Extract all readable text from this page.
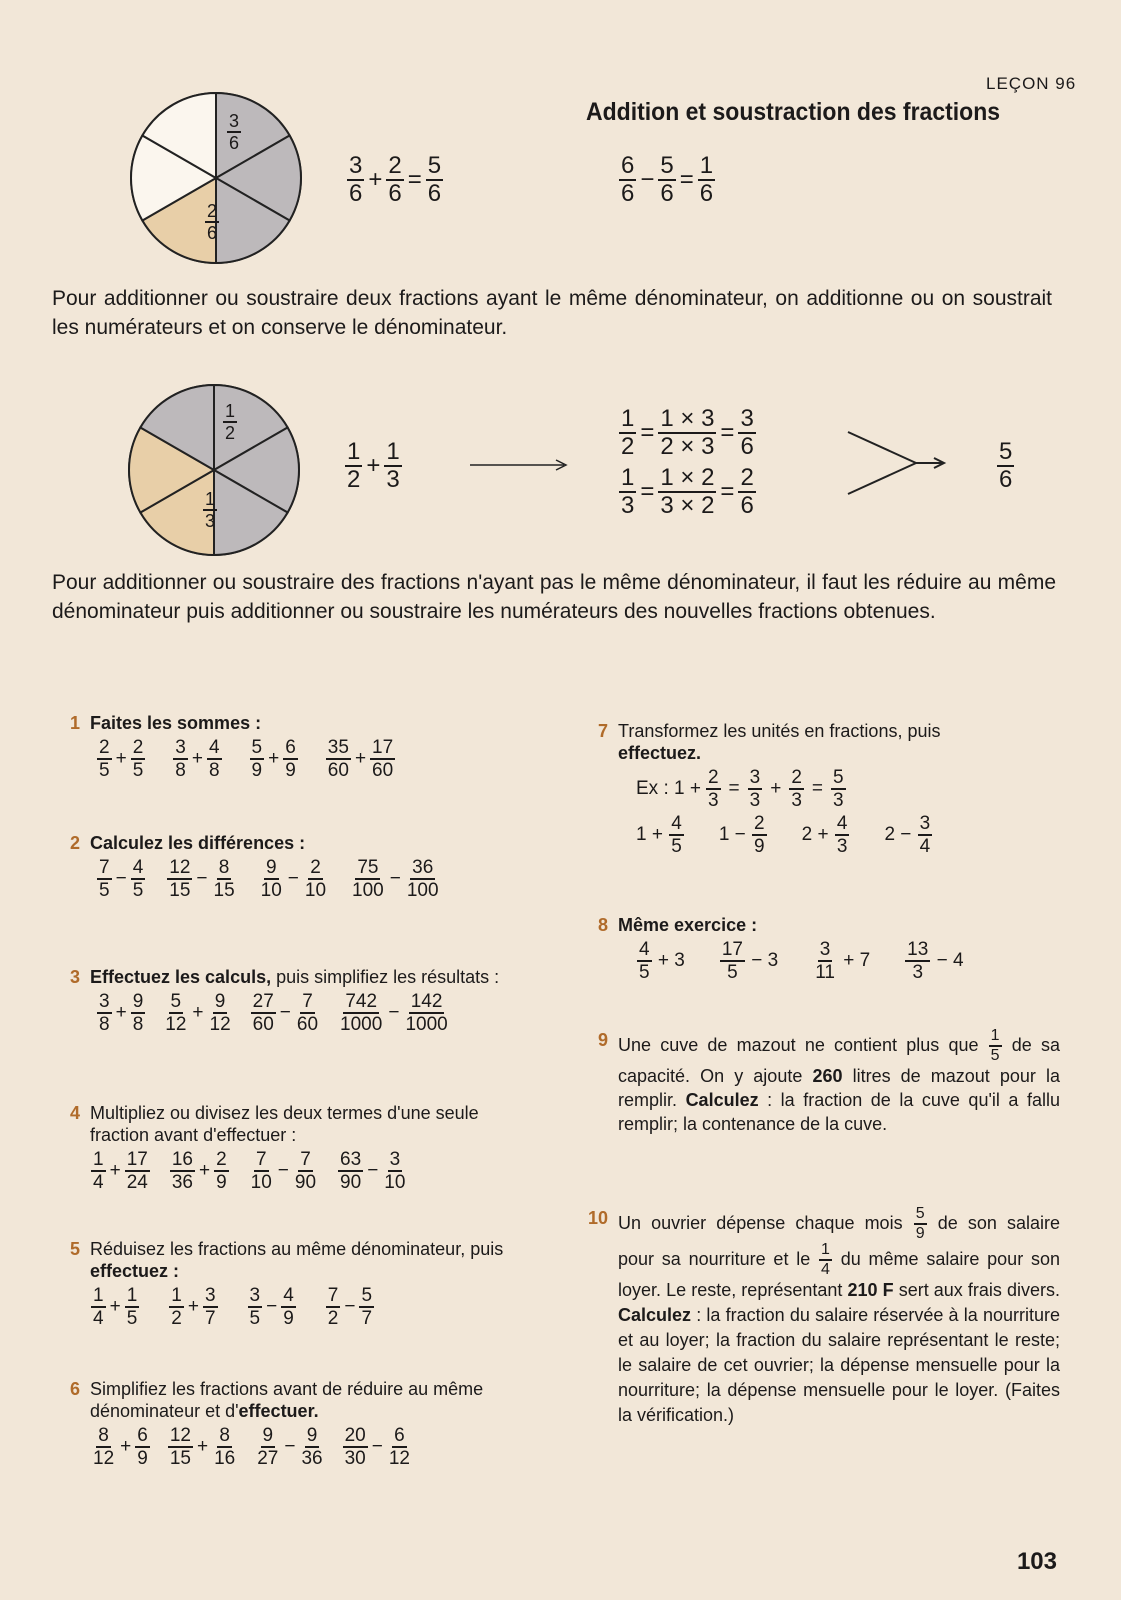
LEÇON 96
Addition et soustraction des fractions
3
6
2
6
$\frac{3}{6} + \frac{2}{6} = \frac{5}{6}$	$\frac{6}{6} - \frac{5}{6} = \frac{1}{6}$
Pour additionner ou soustraire deux fractions ayant le même dénominateur, on additionne ou on soustrait les numérateurs et on conserve le dénominateur.
1
2
1
3
$\frac{1}{2} + \frac{1}{3}$
$\frac{1}{2} = \frac{1 \times 3}{2 \times 3} = \frac{3}{6}$
$\frac{1}{3} = \frac{1 \times 2}{3 \times 2} = \frac{2}{6}$
5
6
Pour additionner ou soustraire des fractions n'ayant pas le même dénominateur, il faut les réduire au même dénominateur puis additionner ou soustraire les numérateurs des nouvelles fractions obtenues.
1 Faites les sommes :
$\frac{2}{5} + \frac{2}{5} \frac{3}{8} + \frac{4}{8} \frac{5}{9} + \frac{6}{9} \frac{35}{60} + \frac{17}{60}$
2 Calculez les différences :
$\frac{7}{5} - \frac{4}{5} \frac{12}{15} - \frac{8}{15} \frac{9}{10} - \frac{2}{10} \frac{75}{100} - \frac{36}{100}$
3 Effectuez les calculs, puis simplifiez les résultats :
$\frac{3}{8} + \frac{9}{8} \frac{5}{12} + \frac{9}{12} \frac{27}{60} - \frac{7}{60} \frac{742}{1000} - \frac{142}{1000}$
4 Multipliez ou divisez les deux termes d'une seule fraction avant d'effectuer :
$\frac{1}{4} + \frac{17}{24} \frac{16}{36} + \frac{2}{9} \frac{7}{10} - \frac{7}{90} \frac{63}{90} - \frac{3}{10}$
5 Réduisez les fractions au même dénominateur, puis effectuez :
$\frac{1}{4} + \frac{1}{5} \frac{1}{2} + \frac{3}{7} \frac{3}{5} - \frac{4}{9} \frac{7}{2} - \frac{5}{7}$
6 Simplifiez les fractions avant de réduire au même dénominateur et d'effectuer.
$\frac{8}{12} + \frac{6}{9} \frac{12}{15} + \frac{8}{16} \frac{9}{27} - \frac{9}{36} \frac{20}{30} - \frac{6}{12}$
7 Transformez les unités en fractions, puis
effectuez.
Ex : $1 + \frac{2}{3} = \frac{3}{3} + \frac{2}{3} = \frac{5}{3}$
$1 + \frac{4}{5} 1 - \frac{2}{9} 2 + \frac{4}{3} 2 - \frac{3}{4}$
8 Même exercice :
$\frac{4}{5} + 3 \frac{17}{5} - 3 \frac{3}{11} + 7 \frac{13}{3} - 4$
9 Une cuve de mazout ne contient plus que $\frac{1}{5}$ de sa capacité. On y ajoute 260 litres de mazout pour la remplir. Calculez : la fraction de la cuve qu'il a fallu remplir; la contenance de la cuve.
10 Un ouvrier dépense chaque mois $\frac{5}{9}$ de son salaire pour sa nourriture et le $\frac{1}{4}$ du même salaire pour son loyer. Le reste, représentant 210 F sert aux frais divers. Calculez : la fraction du salaire réservée à la nourriture et au loyer; la fraction du salaire représentant le reste; le salaire de cet ouvrier; la dépense mensuelle pour la nourriture; la dépense mensuelle pour le loyer. (Faites la vérification.)
103
